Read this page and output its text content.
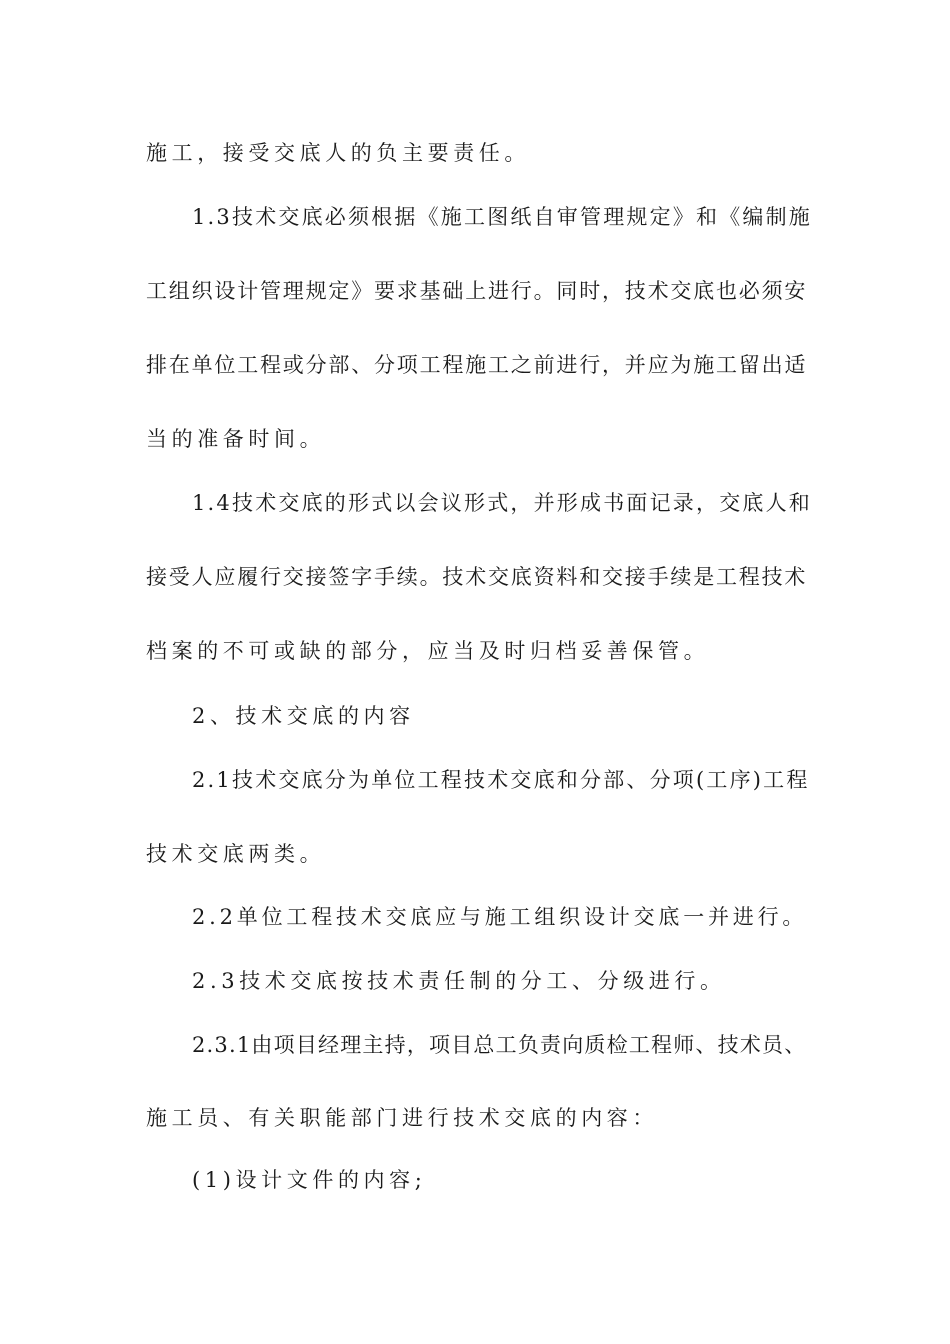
施工，接受交底人的负主要责任。

1.3技术交底必须根据《施工图纸自审管理规定》和《编制施

工组织设计管理规定》要求基础上进行。同时，技术交底也必须安

排在单位工程或分部、分项工程施工之前进行，并应为施工留出适

当的准备时间。

1.4技术交底的形式以会议形式，并形成书面记录，交底人和

接受人应履行交接签字手续。技术交底资料和交接手续是工程技术

档案的不可或缺的部分，应当及时归档妥善保管。

2、技术交底的内容

2.1技术交底分为单位工程技术交底和分部、分项(工序)工程

技术交底两类。

2.2单位工程技术交底应与施工组织设计交底一并进行。

2.3技术交底按技术责任制的分工、分级进行。

2.3.1由项目经理主持，项目总工负责向质检工程师、技术员、

施工员、有关职能部门进行技术交底的内容：

(1)设计文件的内容;
